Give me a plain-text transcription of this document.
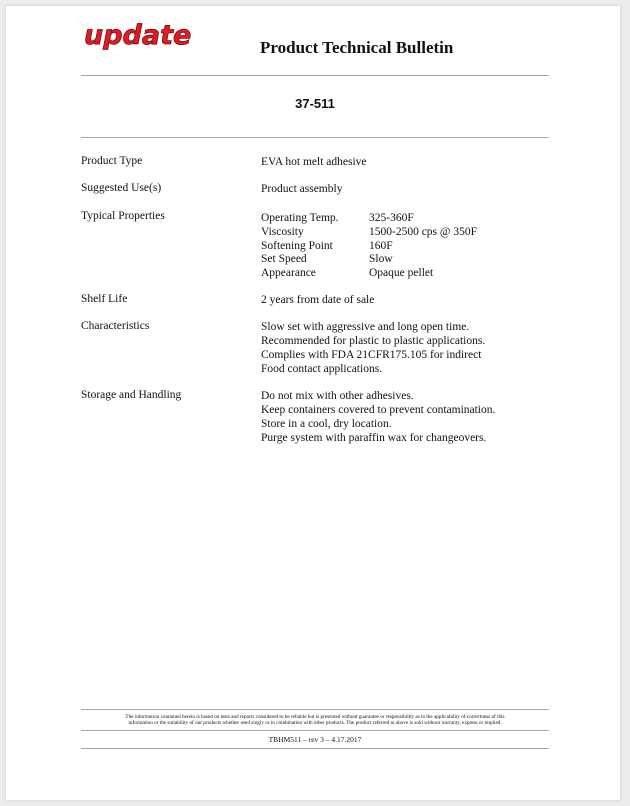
update	Product Technical Bulletin
37-511
Product Type	EVA hot melt adhesive
Suggested Use(s)	Product assembly
Typical Properties	Operating Temp.	325-360F
Viscosity	1500-2500 cps @ 350F
Softening Point	160F
Set Speed	Slow
Appearance	Opaque pellet
Shelf Life	2 years from date of sale
Characteristics	Slow set with aggressive and long open time.
Recommended for plastic to plastic applications.
Complies with FDA 21CFR175.105 for indirect
Food contact applications.
Storage and Handling	Do not mix with other adhesives.
Keep containers covered to prevent contamination.
Store in a cool, dry location.
Purge system with paraffin wax for changeovers.
The information contained herein is based on tests and reports considered to be reliable but is presented without guarantee or responsibility as to the applicability of correctness of this
information or the suitability of our products whether used singly or in combination with other products. The product referred to above is sold without warranty, express or implied.
TBHM511 – rev 3 – 4.17.2017
